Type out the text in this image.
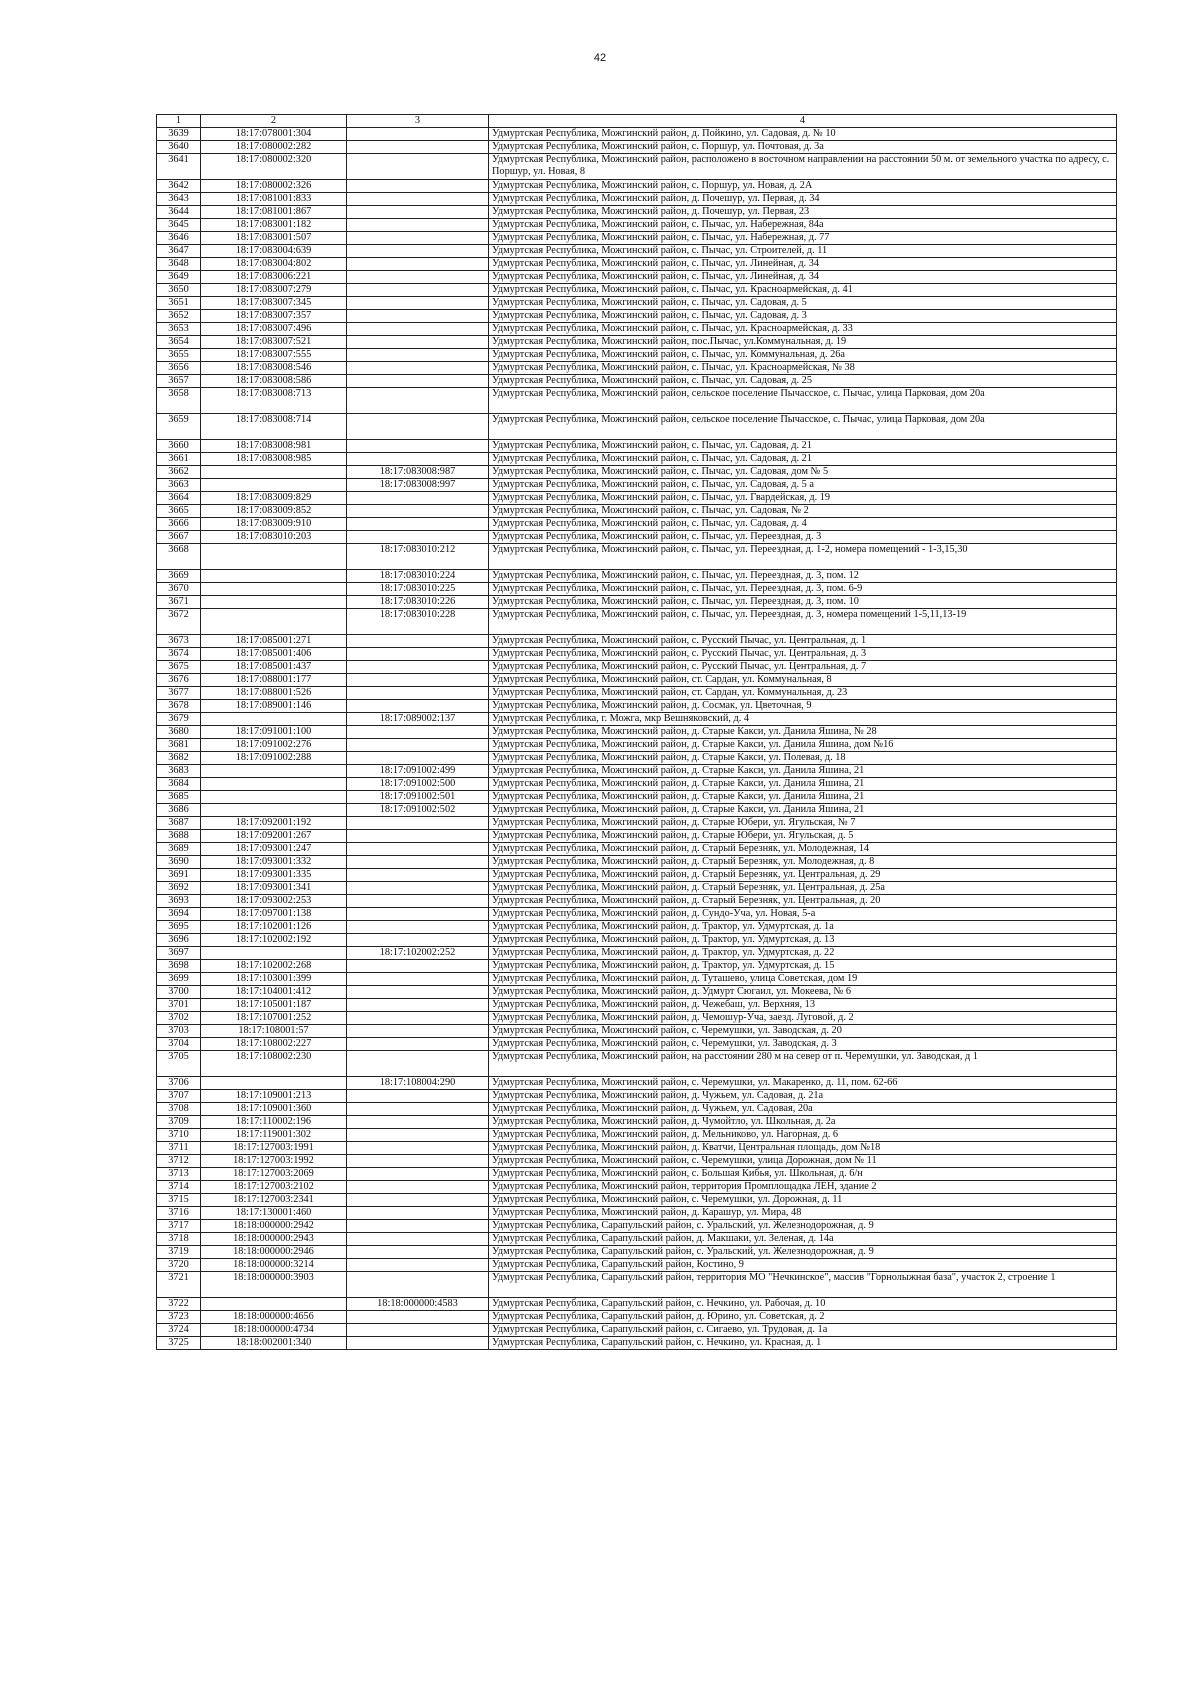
42
1	2	3	4
3639	18:17:078001:304		Удмуртская Республика, Можгинский район, д. Пойкино, ул. Садовая, д. № 10
3640	18:17:080002:282		Удмуртская Республика, Можгинский район, с. Поршур, ул. Почтовая, д. 3а
3641	18:17:080002:320		Удмуртская Республика, Можгинский район, расположено в восточном направлении на расстоянии 50 м. от земельного участка по адресу, с. Поршур, ул. Новая, 8
3642	18:17:080002:326		Удмуртская Республика, Можгинский район, с. Поршур, ул. Новая, д. 2А
3643	18:17:081001:833		Удмуртская Республика, Можгинский район, д. Почешур, ул. Первая, д. 34
3644	18:17:081001:867		Удмуртская Республика, Можгинский район, д. Почешур, ул. Первая, 23
3645	18:17:083001:182		Удмуртская Республика, Можгинский район, с. Пычас, ул. Набережная, 84а
3646	18:17:083001:507		Удмуртская Республика, Можгинский район, с. Пычас, ул. Набережная, д. 77
3647	18:17:083004:639		Удмуртская Республика, Можгинский район, с. Пычас, ул. Строителей, д. 11
3648	18:17:083004:802		Удмуртская Республика, Можгинский район, с. Пычас, ул. Линейная, д. 34
3649	18:17:083006:221		Удмуртская Республика, Можгинский район, с. Пычас, ул. Линейная, д. 34
3650	18:17:083007:279		Удмуртская Республика, Можгинский район, с. Пычас, ул. Красноармейская, д. 41
3651	18:17:083007:345		Удмуртская Республика, Можгинский район, с. Пычас, ул. Садовая, д. 5
3652	18:17:083007:357		Удмуртская Республика, Можгинский район, с. Пычас, ул. Садовая, д. 3
3653	18:17:083007:496		Удмуртская Республика, Можгинский район, с. Пычас, ул. Красноармейская, д. 33
3654	18:17:083007:521		Удмуртская Республика, Можгинский район, пос.Пычас, ул.Коммунальная, д. 19
3655	18:17:083007:555		Удмуртская Республика, Можгинский район, с. Пычас, ул. Коммунальная, д. 26а
3656	18:17:083008:546		Удмуртская Республика, Можгинский район, с. Пычас, ул. Красноармейская, № 38
3657	18:17:083008:586		Удмуртская Республика, Можгинский район, с. Пычас, ул. Садовая, д. 25
3658	18:17:083008:713		Удмуртская Республика, Можгинский район, сельское поселение Пычасское, с. Пычас, улица Парковая, дом 20а
3659	18:17:083008:714		Удмуртская Республика, Можгинский район, сельское поселение Пычасское, с. Пычас, улица Парковая, дом 20а
3660	18:17:083008:981		Удмуртская Республика, Можгинский район, с. Пычас, ул. Садовая, д. 21
3661	18:17:083008:985		Удмуртская Республика, Можгинский район, с. Пычас, ул. Садовая, д. 21
3662		18:17:083008:987	Удмуртская Республика, Можгинский район, с. Пычас, ул. Садовая, дом № 5
3663		18:17:083008:997	Удмуртская Республика, Можгинский район, с. Пычас, ул. Садовая, д. 5 а
3664	18:17:083009:829		Удмуртская Республика, Можгинский район, с. Пычас, ул. Гвардейская, д. 19
3665	18:17:083009:852		Удмуртская Республика, Можгинский район, с. Пычас, ул. Садовая, № 2
3666	18:17:083009:910		Удмуртская Республика, Можгинский район, с. Пычас, ул. Садовая, д. 4
3667	18:17:083010:203		Удмуртская Республика, Можгинский район, с. Пычас, ул. Переездная, д. 3
3668		18:17:083010:212	Удмуртская Республика, Можгинский район, с. Пычас, ул. Переездная, д. 1-2, номера помещений - 1-3,15,30
3669		18:17:083010:224	Удмуртская Республика, Можгинский район, с. Пычас, ул. Переездная, д. 3, пом. 12
3670		18:17:083010:225	Удмуртская Республика, Можгинский район, с. Пычас, ул. Переездная, д. 3, пом. 6-9
3671		18:17:083010:226	Удмуртская Республика, Можгинский район, с. Пычас, ул. Переездная, д. 3, пом. 10
3672		18:17:083010:228	Удмуртская Республика, Можгинский район, с. Пычас, ул. Переездная, д. 3, номера помещений 1-5,11,13-19
3673	18:17:085001:271		Удмуртская Республика, Можгинский район, с. Русский Пычас, ул. Центральная, д. 1
3674	18:17:085001:406		Удмуртская Республика, Можгинский район, с. Русский Пычас, ул. Центральная, д. 3
3675	18:17:085001:437		Удмуртская Республика, Можгинский район, с. Русский Пычас, ул. Центральная, д. 7
3676	18:17:088001:177		Удмуртская Республика, Можгинский район, ст. Сардан, ул. Коммунальная, 8
3677	18:17:088001:526		Удмуртская Республика, Можгинский район, ст. Сардан, ул. Коммунальная, д. 23
3678	18:17:089001:146		Удмуртская Республика, Можгинский район, д. Сосмак, ул. Цветочная, 9
3679		18:17:089002:137	Удмуртская Республика, г. Можга, мкр Вешняковский, д. 4
3680	18:17:091001:100		Удмуртская Республика, Можгинский район, д. Старые Какси, ул. Данила Яшина, № 28
3681	18:17:091002:276		Удмуртская Республика, Можгинский район, д. Старые Какси, ул. Данила Яшина, дом №16
3682	18:17:091002:288		Удмуртская Республика, Можгинский район, д. Старые Какси, ул. Полевая, д. 18
3683		18:17:091002:499	Удмуртская Республика, Можгинский район, д. Старые Какси, ул. Данила Яшина, 21
3684		18:17:091002:500	Удмуртская Республика, Можгинский район, д. Старые Какси, ул. Данила Яшина, 21
3685		18:17:091002:501	Удмуртская Республика, Можгинский район, д. Старые Какси, ул. Данила Яшина, 21
3686		18:17:091002:502	Удмуртская Республика, Можгинский район, д. Старые Какси, ул. Данила Яшина, 21
3687	18:17:092001:192		Удмуртская Республика, Можгинский район, д. Старые Юбери, ул. Ягульская, № 7
3688	18:17:092001:267		Удмуртская Республика, Можгинский район, д. Старые Юбери, ул. Ягульская, д. 5
3689	18:17:093001:247		Удмуртская Республика, Можгинский район, д. Старый Березняк, ул. Молодежная, 14
3690	18:17:093001:332		Удмуртская Республика, Можгинский район, д. Старый Березняк, ул. Молодежная, д. 8
3691	18:17:093001:335		Удмуртская Республика, Можгинский район, д. Старый Березняк, ул. Центральная, д. 29
3692	18:17:093001:341		Удмуртская Республика, Можгинский район, д. Старый Березняк, ул. Центральная, д. 25а
3693	18:17:093002:253		Удмуртская Республика, Можгинский район, д. Старый Березняк, ул. Центральная, д. 20
3694	18:17:097001:138		Удмуртская Республика, Можгинский район, д. Сундо-Уча, ул. Новая, 5-а
3695	18:17:102001:126		Удмуртская Республика, Можгинский район, д. Трактор, ул. Удмуртская, д. 1а
3696	18:17:102002:192		Удмуртская Республика, Можгинский район, д. Трактор, ул. Удмуртская, д. 13
3697		18:17:102002:252	Удмуртская Республика, Можгинский район, д. Трактор, ул. Удмуртская, д. 22
3698	18:17:102002:268		Удмуртская Республика, Можгинский район, д. Трактор, ул. Удмуртская, д. 15
3699	18:17:103001:399		Удмуртская Республика, Можгинский район, д. Туташево, улица Советская, дом 19
3700	18:17:104001:412		Удмуртская Республика, Можгинский район, д. Удмурт Сюгаил, ул. Мокеева, № 6
3701	18:17:105001:187		Удмуртская Республика, Можгинский район, д. Чежебаш, ул. Верхняя, 13
3702	18:17:107001:252		Удмуртская Республика, Можгинский район, д. Чемошур-Уча, заезд. Луговой, д. 2
3703	18:17:108001:57		Удмуртская Республика, Можгинский район, с. Черемушки, ул. Заводская, д. 20
3704	18:17:108002:227		Удмуртская Республика, Можгинский район, с. Черемушки, ул. Заводская, д. 3
3705	18:17:108002:230		Удмуртская Республика, Можгинский район, на расстоянии 280 м на север от п. Черемушки, ул. Заводская, д 1
3706		18:17:108004:290	Удмуртская Республика, Можгинский район, с. Черемушки, ул. Макаренко, д. 11, пом. 62-66
3707	18:17:109001:213		Удмуртская Республика, Можгинский район, д. Чужьем, ул. Садовая, д. 21а
3708	18:17:109001:360		Удмуртская Республика, Можгинский район, д. Чужьем, ул. Садовая, 20а
3709	18:17:110002:196		Удмуртская Республика, Можгинский район, д. Чумойтло, ул. Школьная, д. 2а
3710	18:17:119001:302		Удмуртская Республика, Можгинский район, д. Мельниково, ул. Нагорная, д. 6
3711	18:17:127003:1991		Удмуртская Республика, Можгинский район, д. Кватчи, Центральная площадь, дом №18
3712	18:17:127003:1992		Удмуртская Республика, Можгинский район, с. Черемушки, улица Дорожная, дом № 11
3713	18:17:127003:2069		Удмуртская Республика, Можгинский район, с. Большая Кибья, ул. Школьная, д. 6/н
3714	18:17:127003:2102		Удмуртская Республика, Можгинский район, территория Промплощадка ЛЕН, здание 2
3715	18:17:127003:2341		Удмуртская Республика, Можгинский район, с. Черемушки, ул. Дорожная, д. 11
3716	18:17:130001:460		Удмуртская Республика, Можгинский район, д. Карашур, ул. Мира, 48
3717	18:18:000000:2942		Удмуртская Республика, Сарапульский район, с. Уральский, ул. Железнодорожная, д. 9
3718	18:18:000000:2943		Удмуртская Республика, Сарапульский район, д. Макшаки, ул. Зеленая, д. 14а
3719	18:18:000000:2946		Удмуртская Республика, Сарапульский район, с. Уральский, ул. Железнодорожная, д. 9
3720	18:18:000000:3214		Удмуртская Республика, Сарапульский район, Костино, 9
3721	18:18:000000:3903		Удмуртская Республика, Сарапульский район, территория МО "Нечкинское", массив "Горнолыжная база", участок 2, строение 1
3722		18:18:000000:4583	Удмуртская Республика, Сарапульский район, с. Нечкино, ул. Рабочая, д. 10
3723	18:18:000000:4656		Удмуртская Республика, Сарапульский район, д. Юрино, ул. Советская, д. 2
3724	18:18:000000:4734		Удмуртская Республика, Сарапульский район, с. Сигаево, ул. Трудовая, д. 1а
3725	18:18:002001:340		Удмуртская Республика, Сарапульский район, с. Нечкино, ул. Красная, д. 1
